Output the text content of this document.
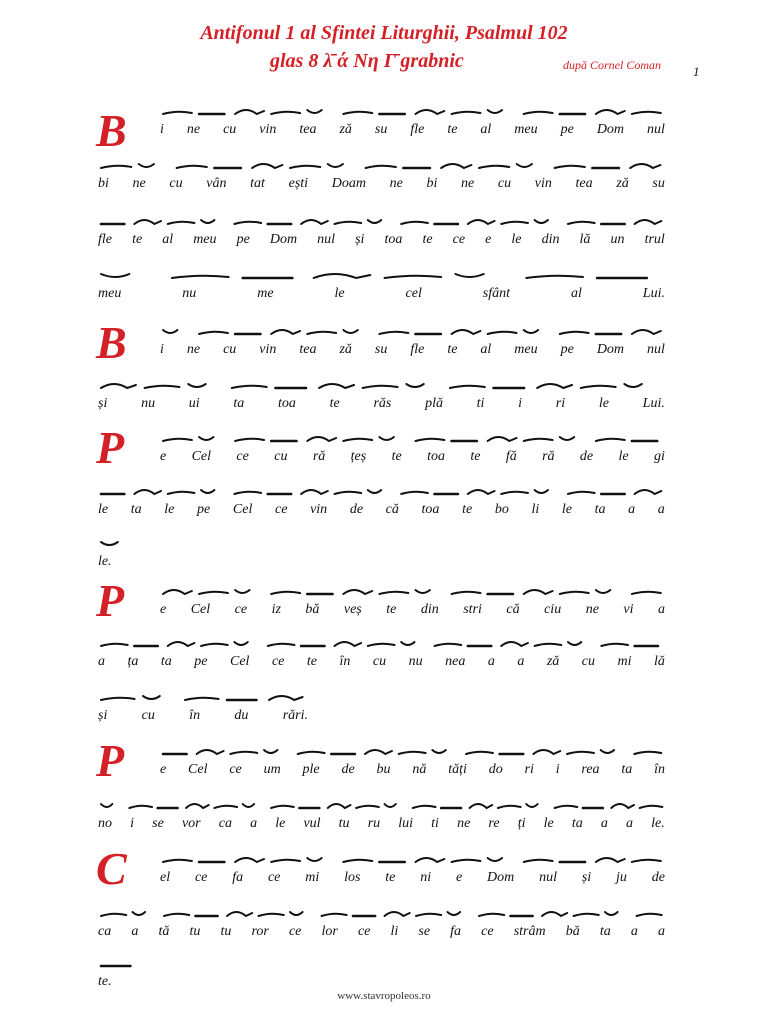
Antifonul 1 al Sfintei Liturghii, Psalmul 102
glas 8 λ̄ ά Νη Γ̄ grabnic	după Cornel Coman 1
B i ne cu vin tea ză su fle te al meu pe Dom nul
bi ne cu vân tat ești Doam ne bi ne cu vin tea ză su
fle te al meu pe Dom nul și toa te ce e le din lă un trul
meu	nu	me	le	cel	sfânt	al	Lui.
B i ne cu vin tea ză su fle te al meu pe Dom nul
și nu ui ta toa te răs plă ti i ri le Lui.
P	e Cel ce cu ră țeș te toa te fă ră de le gi
le ta le pe Cel ce vin de că toa te bo li le ta a a
le.
P	e Cel ce iz bă veș te din stri că ciu ne vi a
a ța ta pe Cel ce te în cu nu nea a a ză cu mi lă
și cu în du rări.
P	e Cel ce um ple de bu nă tăți do ri i rea ta în
no i se vor ca a le vul tu ru lui ti ne re ți le ta a a le.
C el ce fa ce mi los te ni e Dom nul și ju de
ca a tă tu tu ror ce lor ce li se fa ce strâm bă ta a a
te.
www.stavropoleos.ro
